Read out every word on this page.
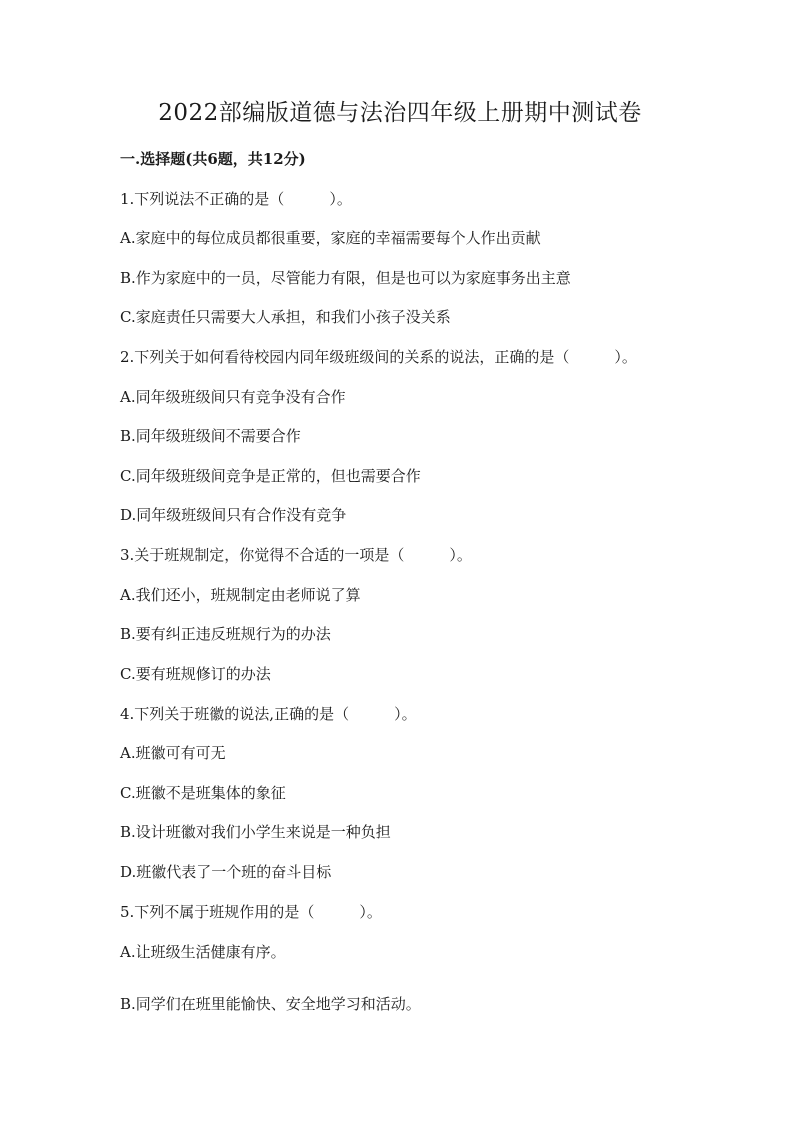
2022部编版道德与法治四年级上册期中测试卷
一.选择题(共6题，共12分)
1.下列说法不正确的是（　　　）。
A.家庭中的每位成员都很重要，家庭的幸福需要每个人作出贡献
B.作为家庭中的一员，尽管能力有限，但是也可以为家庭事务出主意
C.家庭责任只需要大人承担，和我们小孩子没关系
2.下列关于如何看待校园内同年级班级间的关系的说法，正确的是（　　　）。
A.同年级班级间只有竞争没有合作
B.同年级班级间不需要合作
C.同年级班级间竞争是正常的，但也需要合作
D.同年级班级间只有合作没有竞争
3.关于班规制定，你觉得不合适的一项是（　　　）。
A.我们还小，班规制定由老师说了算
B.要有纠正违反班规行为的办法
C.要有班规修订的办法
4.下列关于班徽的说法,正确的是（　　　）。
A.班徽可有可无
C.班徽不是班集体的象征
B.设计班徽对我们小学生来说是一种负担
D.班徽代表了一个班的奋斗目标
5.下列不属于班规作用的是（　　　）。
A.让班级生活健康有序。
B.同学们在班里能愉快、安全地学习和活动。
